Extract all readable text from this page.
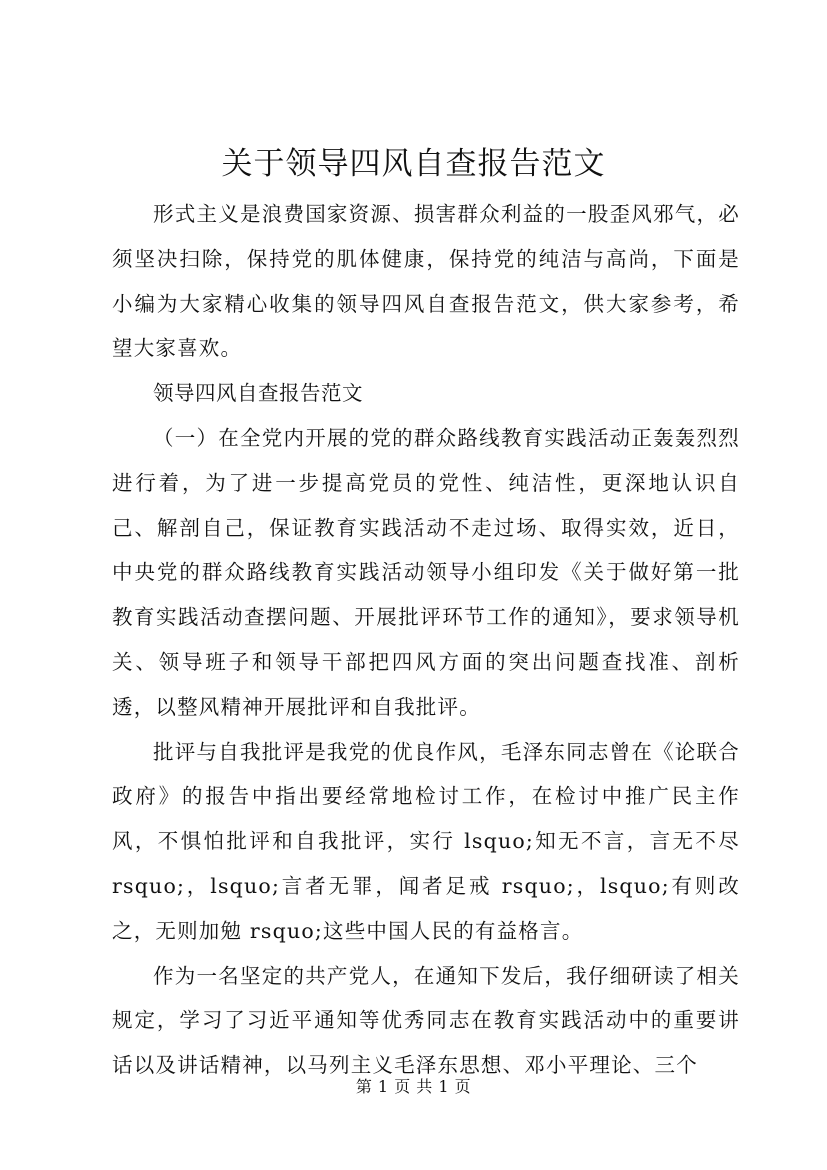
关于领导四风自查报告范文

形式主义是浪费国家资源、损害群众利益的一股歪风邪气，必须坚决扫除，保持党的肌体健康，保持党的纯洁与高尚，下面是小编为大家精心收集的领导四风自查报告范文，供大家参考，希望大家喜欢。

领导四风自查报告范文

（一）在全党内开展的党的群众路线教育实践活动正轰轰烈烈进行着，为了进一步提高党员的党性、纯洁性，更深地认识自己、解剖自己，保证教育实践活动不走过场、取得实效，近日，中央党的群众路线教育实践活动领导小组印发《关于做好第一批教育实践活动查摆问题、开展批评环节工作的通知》，要求领导机关、领导班子和领导干部把四风方面的突出问题查找准、剖析透，以整风精神开展批评和自我批评。

批评与自我批评是我党的优良作风，毛泽东同志曾在《论联合政府》的报告中指出要经常地检讨工作，在检讨中推广民主作风，不惧怕批评和自我批评，实行 lsquo;知无不言，言无不尽 rsquo;，lsquo;言者无罪，闻者足戒 rsquo;，lsquo;有则改之，无则加勉 rsquo;这些中国人民的有益格言。

作为一名坚定的共产党人，在通知下发后，我仔细研读了相关规定，学习了习近平通知等优秀同志在教育实践活动中的重要讲话以及讲话精神，以马列主义毛泽东思想、邓小平理论、三个

第 1 页 共 1 页
